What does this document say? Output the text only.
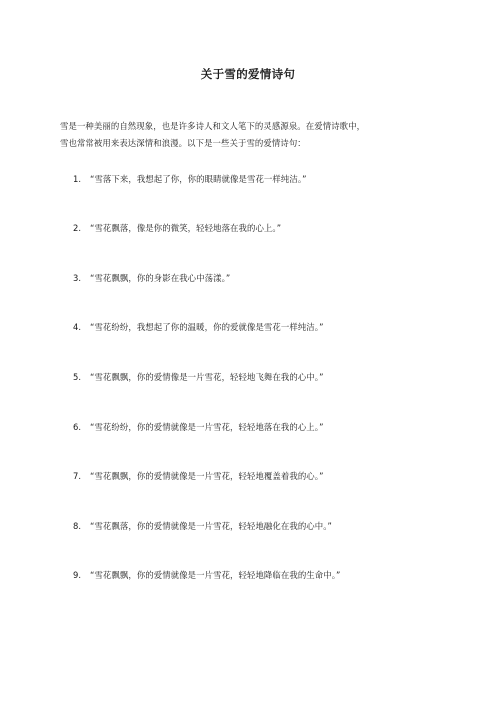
关于雪的爱情诗句

雪是一种美丽的自然现象，也是许多诗人和文人笔下的灵感源泉。在爱情诗歌中，

雪也常常被用来表达深情和浪漫。以下是一些关于雪的爱情诗句：

1. “雪落下来，我想起了你，你的眼睛就像是雪花一样纯洁。”
2. “雪花飘落，像是你的微笑，轻轻地落在我的心上。”
3. “雪花飘飘，你的身影在我心中荡漾。”
4. “雪花纷纷，我想起了你的温暖，你的爱就像是雪花一样纯洁。”
5. “雪花飘飘，你的爱情像是一片雪花，轻轻地飞舞在我的心中。”
6. “雪花纷纷，你的爱情就像是一片雪花，轻轻地落在我的心上。”
7. “雪花飘飘，你的爱情就像是一片雪花，轻轻地覆盖着我的心。”
8. “雪花飘落，你的爱情就像是一片雪花，轻轻地融化在我的心中。”
9. “雪花飘飘，你的爱情就像是一片雪花，轻轻地降临在我的生命中。”
